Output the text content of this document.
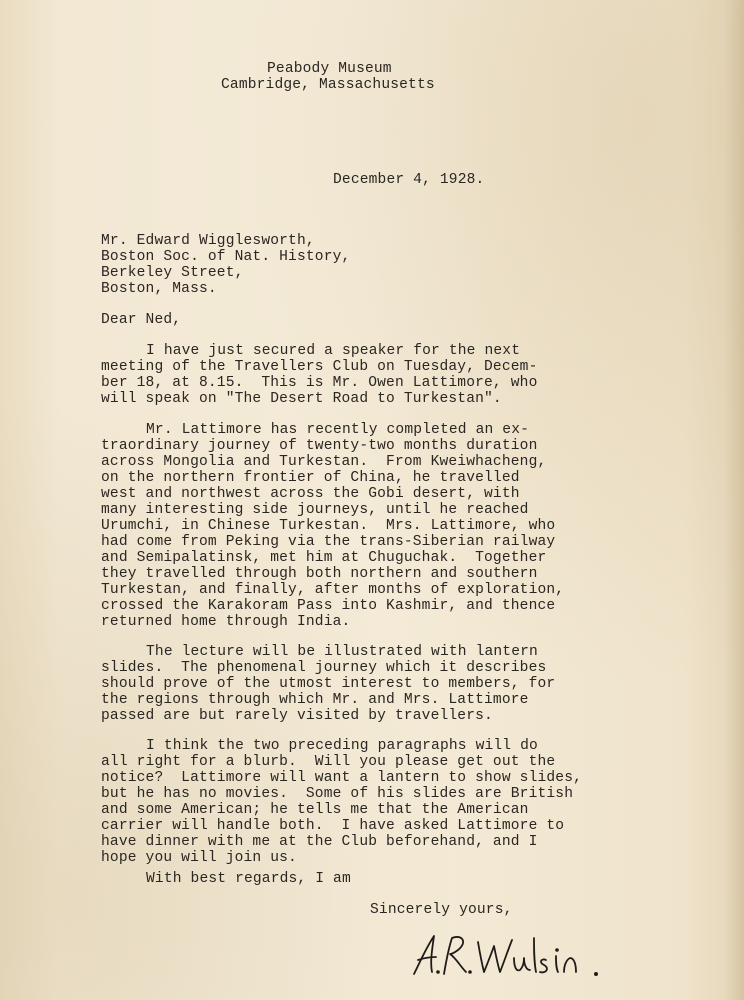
Peabody Museum
Cambridge, Massachusetts
December 4, 1928.
Mr. Edward Wigglesworth,
Boston Soc. of Nat. History,
Berkeley Street,
Boston, Mass.
Dear Ned,
I have just secured a speaker for the next
meeting of the Travellers Club on Tuesday, Decem-
ber 18, at 8.15.  This is Mr. Owen Lattimore, who
will speak on "The Desert Road to Turkestan".
Mr. Lattimore has recently completed an ex-
traordinary journey of twenty-two months duration
across Mongolia and Turkestan.  From Kweiwhacheng,
on the northern frontier of China, he travelled
west and northwest across the Gobi desert, with
many interesting side journeys, until he reached
Urumchi, in Chinese Turkestan.  Mrs. Lattimore, who
had come from Peking via the trans-Siberian railway
and Semipalatinsk, met him at Chuguchak.  Together
they travelled through both northern and southern
Turkestan, and finally, after months of exploration,
crossed the Karakoram Pass into Kashmir, and thence
returned home through India.
The lecture will be illustrated with lantern
slides.  The phenomenal journey which it describes
should prove of the utmost interest to members, for
the regions through which Mr. and Mrs. Lattimore
passed are but rarely visited by travellers.
I think the two preceding paragraphs will do
all right for a blurb.  Will you please get out the
notice?  Lattimore will want a lantern to show slides,
but he has no movies.  Some of his slides are British
and some American; he tells me that the American
carrier will handle both.  I have asked Lattimore to
have dinner with me at the Club beforehand, and I
hope you will join us.
With best regards, I am
Sincerely yours,
